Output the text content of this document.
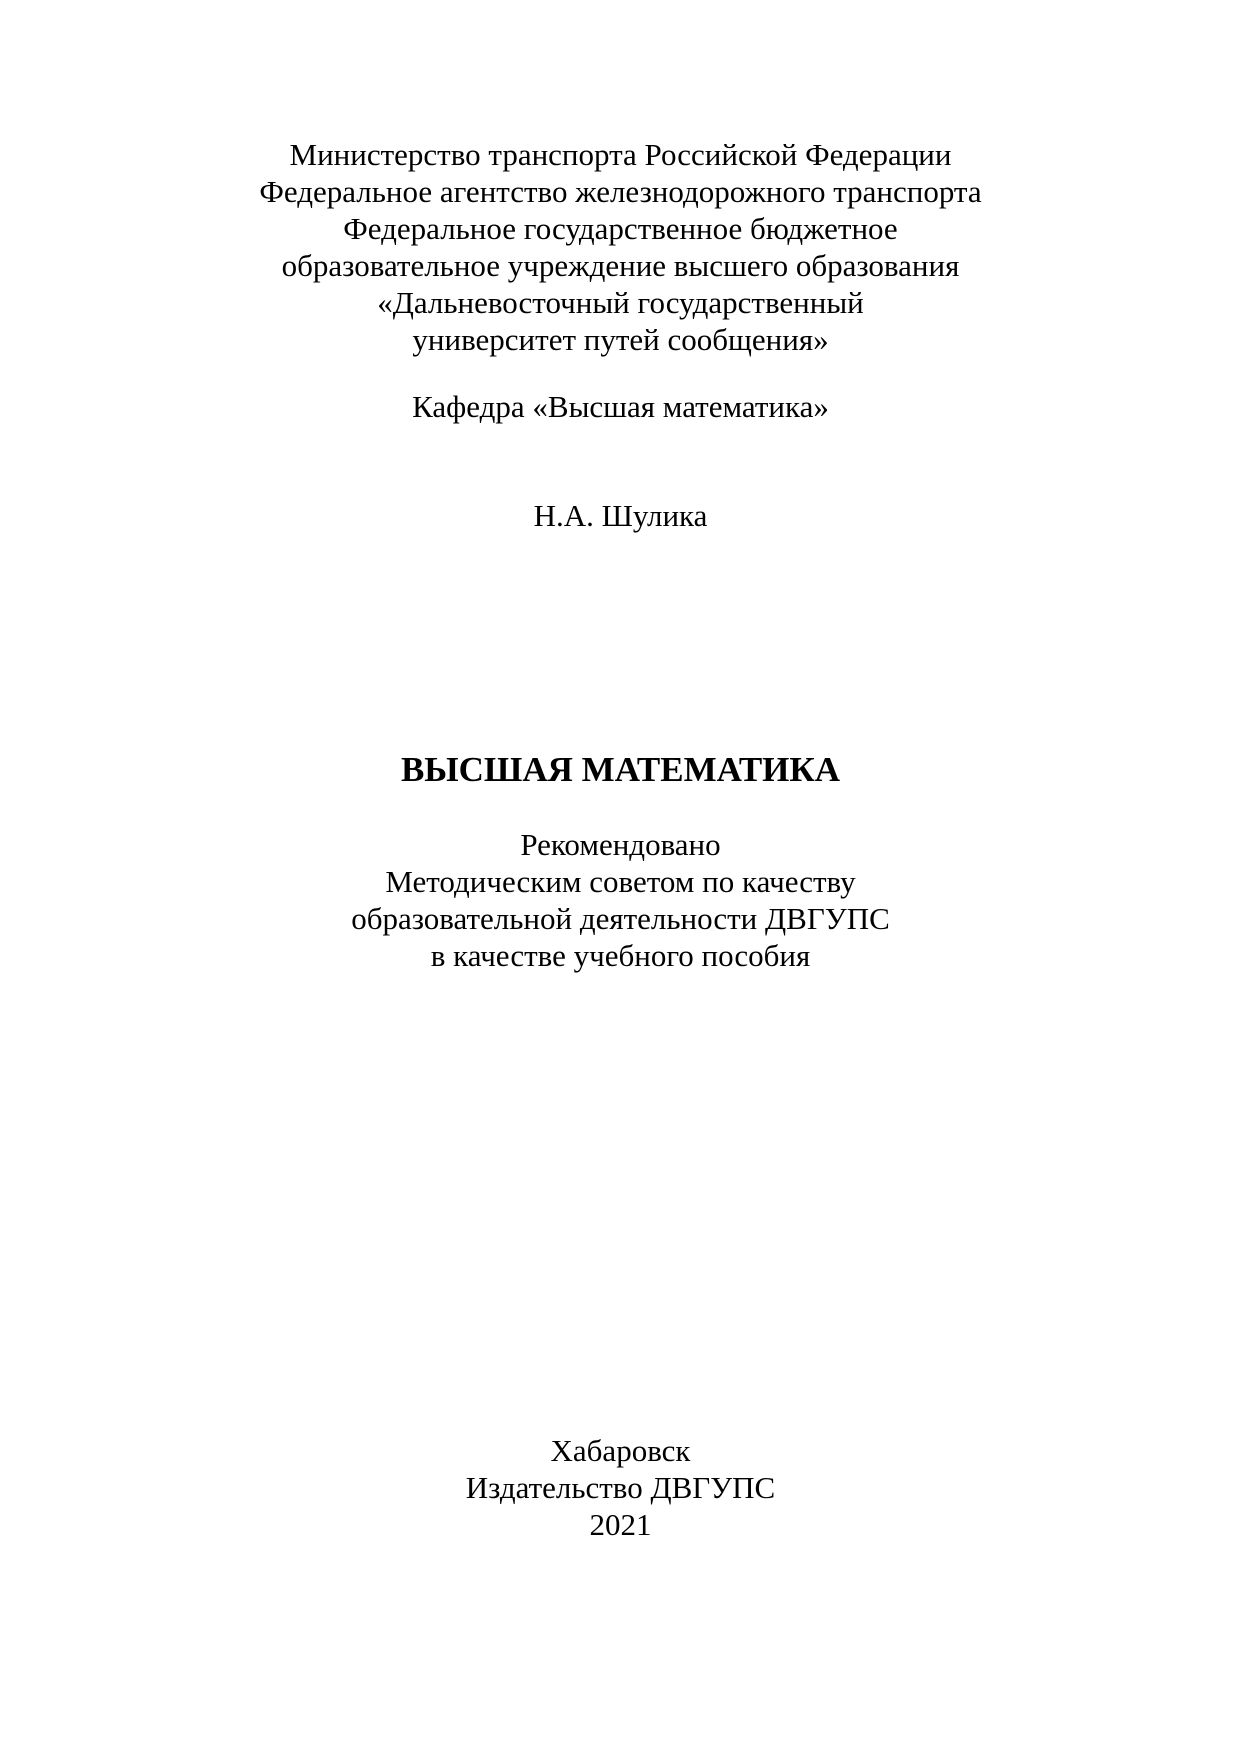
Министерство транспорта Российской Федерации
Федеральное агентство железнодорожного транспорта
Федеральное государственное бюджетное
образовательное учреждение высшего образования
«Дальневосточный государственный
университет путей сообщения»
Кафедра «Высшая математика»
Н.А. Шулика
ВЫСШАЯ МАТЕМАТИКА
Рекомендовано
Методическим советом по качеству
образовательной деятельности ДВГУПС
в качестве учебного пособия
Хабаровск
Издательство ДВГУПС
2021
